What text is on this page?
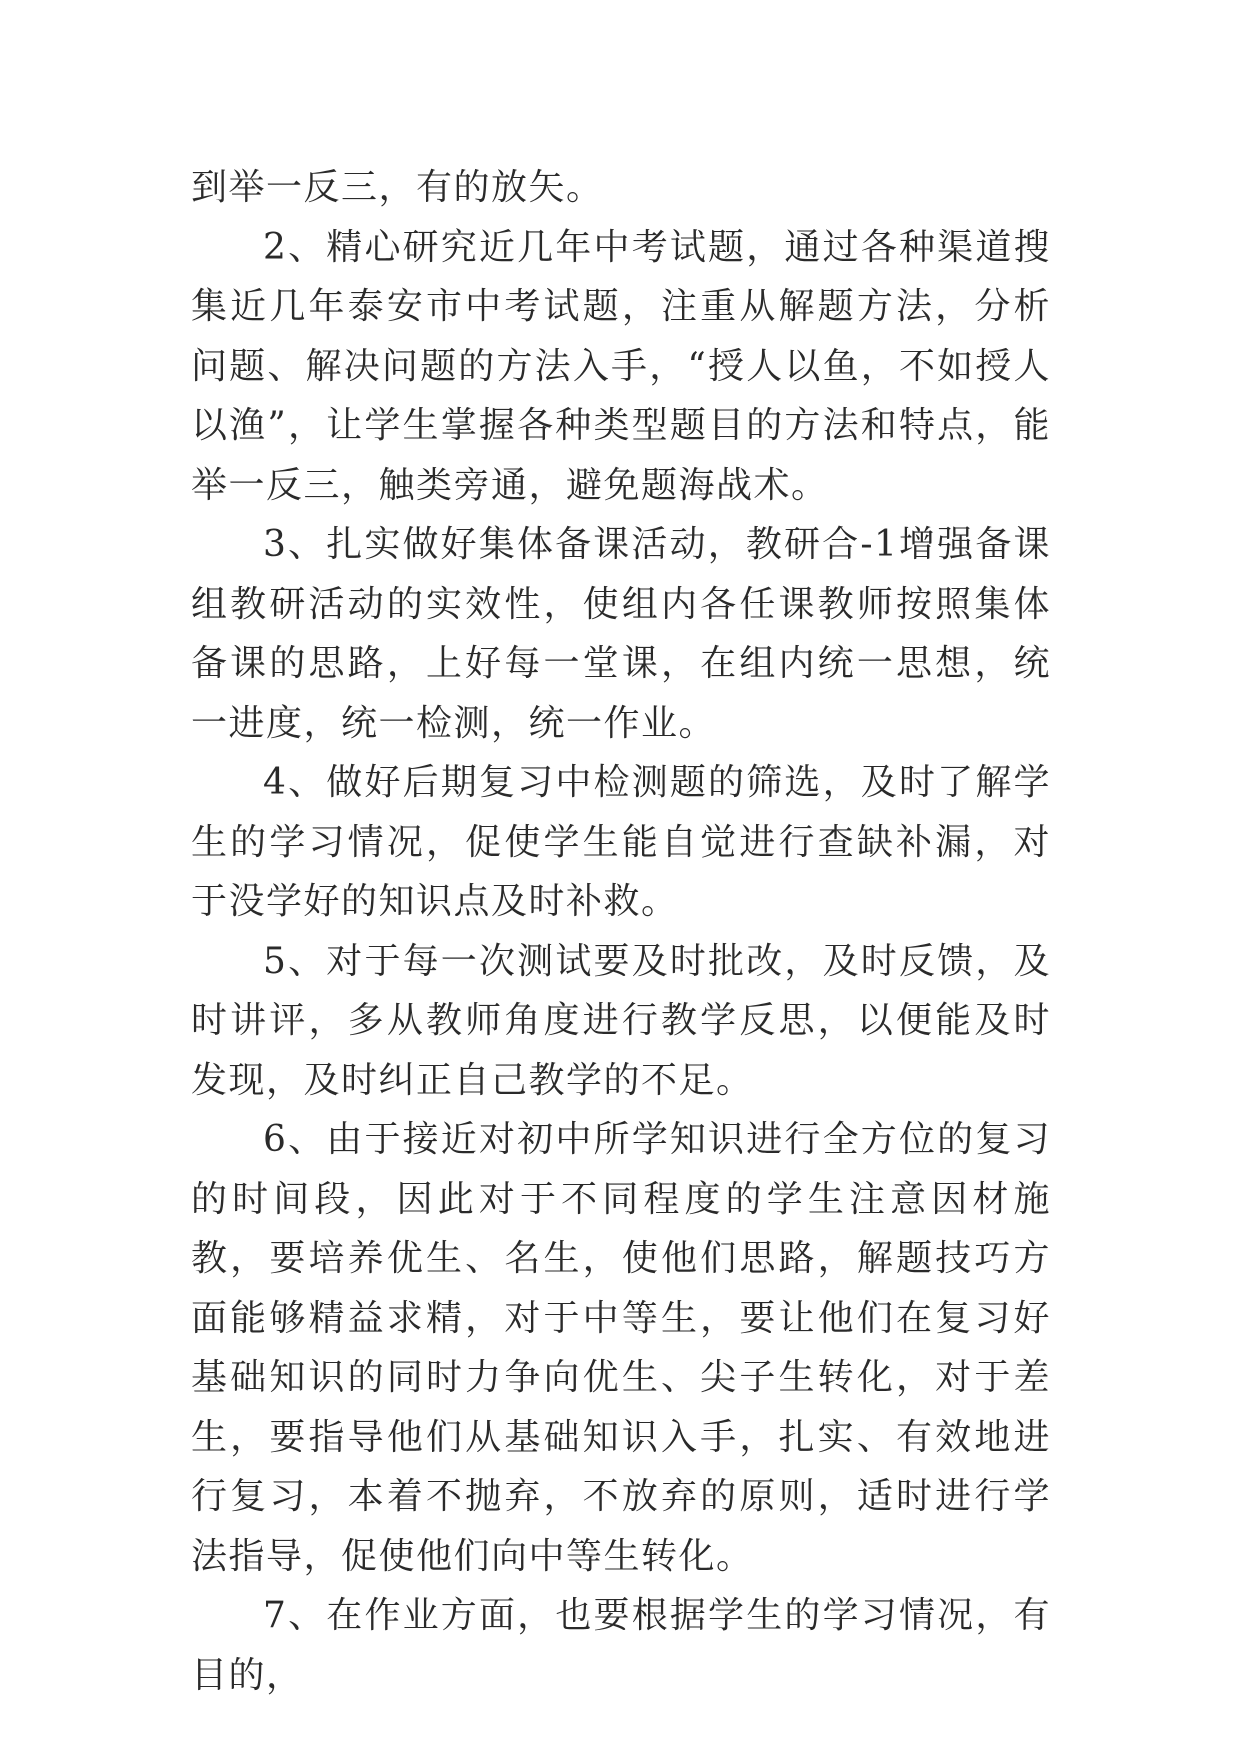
到举一反三，有的放矢。

2、精心研究近几年中考试题，通过各种渠道搜集近几年泰安市中考试题，注重从解题方法，分析问题、解决问题的方法入手，“授人以鱼，不如授人以渔”，让学生掌握各种类型题目的方法和特点，能举一反三，触类旁通，避免题海战术。

3、扎实做好集体备课活动，教研合-1增强备课组教研活动的实效性，使组内各任课教师按照集体备课的思路，上好每一堂课，在组内统一思想，统一进度，统一检测，统一作业。

4、做好后期复习中检测题的筛选，及时了解学生的学习情况，促使学生能自觉进行查缺补漏，对于没学好的知识点及时补救。

5、对于每一次测试要及时批改，及时反馈，及时讲评，多从教师角度进行教学反思，以便能及时发现，及时纠正自己教学的不足。

6、由于接近对初中所学知识进行全方位的复习的时间段，因此对于不同程度的学生注意因材施教，要培养优生、名生，使他们思路，解题技巧方面能够精益求精，对于中等生，要让他们在复习好基础知识的同时力争向优生、尖子生转化，对于差生，要指导他们从基础知识入手，扎实、有效地进行复习，本着不抛弃，不放弃的原则，适时进行学法指导，促使他们向中等生转化。

7、在作业方面，也要根据学生的学习情况，有目的，
